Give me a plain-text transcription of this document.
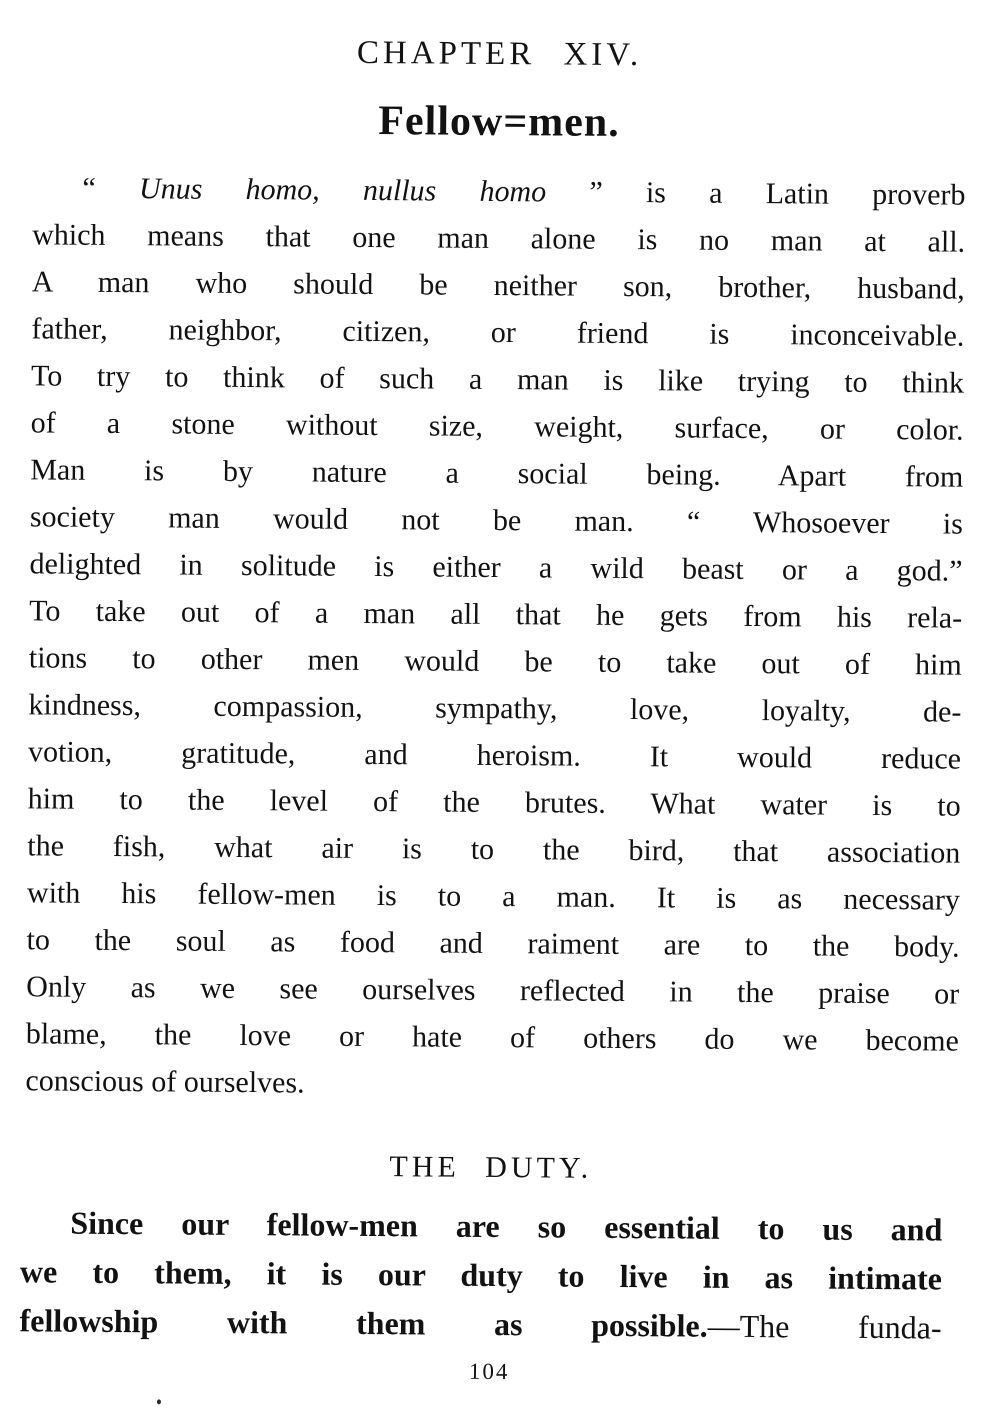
CHAPTER XIV.
Fellow=men.
“ Unus homo, nullus homo ” is a Latin proverb
which means that one man alone is no man at all.
A man who should be neither son, brother, husband,
father, neighbor, citizen, or friend is inconceivable.
To try to think of such a man is like trying to think
of a stone without size, weight, surface, or color.
Man is by nature a social being. Apart from
society man would not be man. “ Whosoever is
delighted in solitude is either a wild beast or a god.”
To take out of a man all that he gets from his rela-
tions to other men would be to take out of him
kindness, compassion, sympathy, love, loyalty, de-
votion, gratitude, and heroism. It would reduce
him to the level of the brutes. What water is to
the fish, what air is to the bird, that association
with his fellow-men is to a man. It is as necessary
to the soul as food and raiment are to the body.
Only as we see ourselves reflected in the praise or
blame, the love or hate of others do we become
conscious of ourselves.
THE DUTY.
Since our fellow-men are so essential to us and
we to them, it is our duty to live in as intimate
fellowship with them as possible.—The funda-
104
